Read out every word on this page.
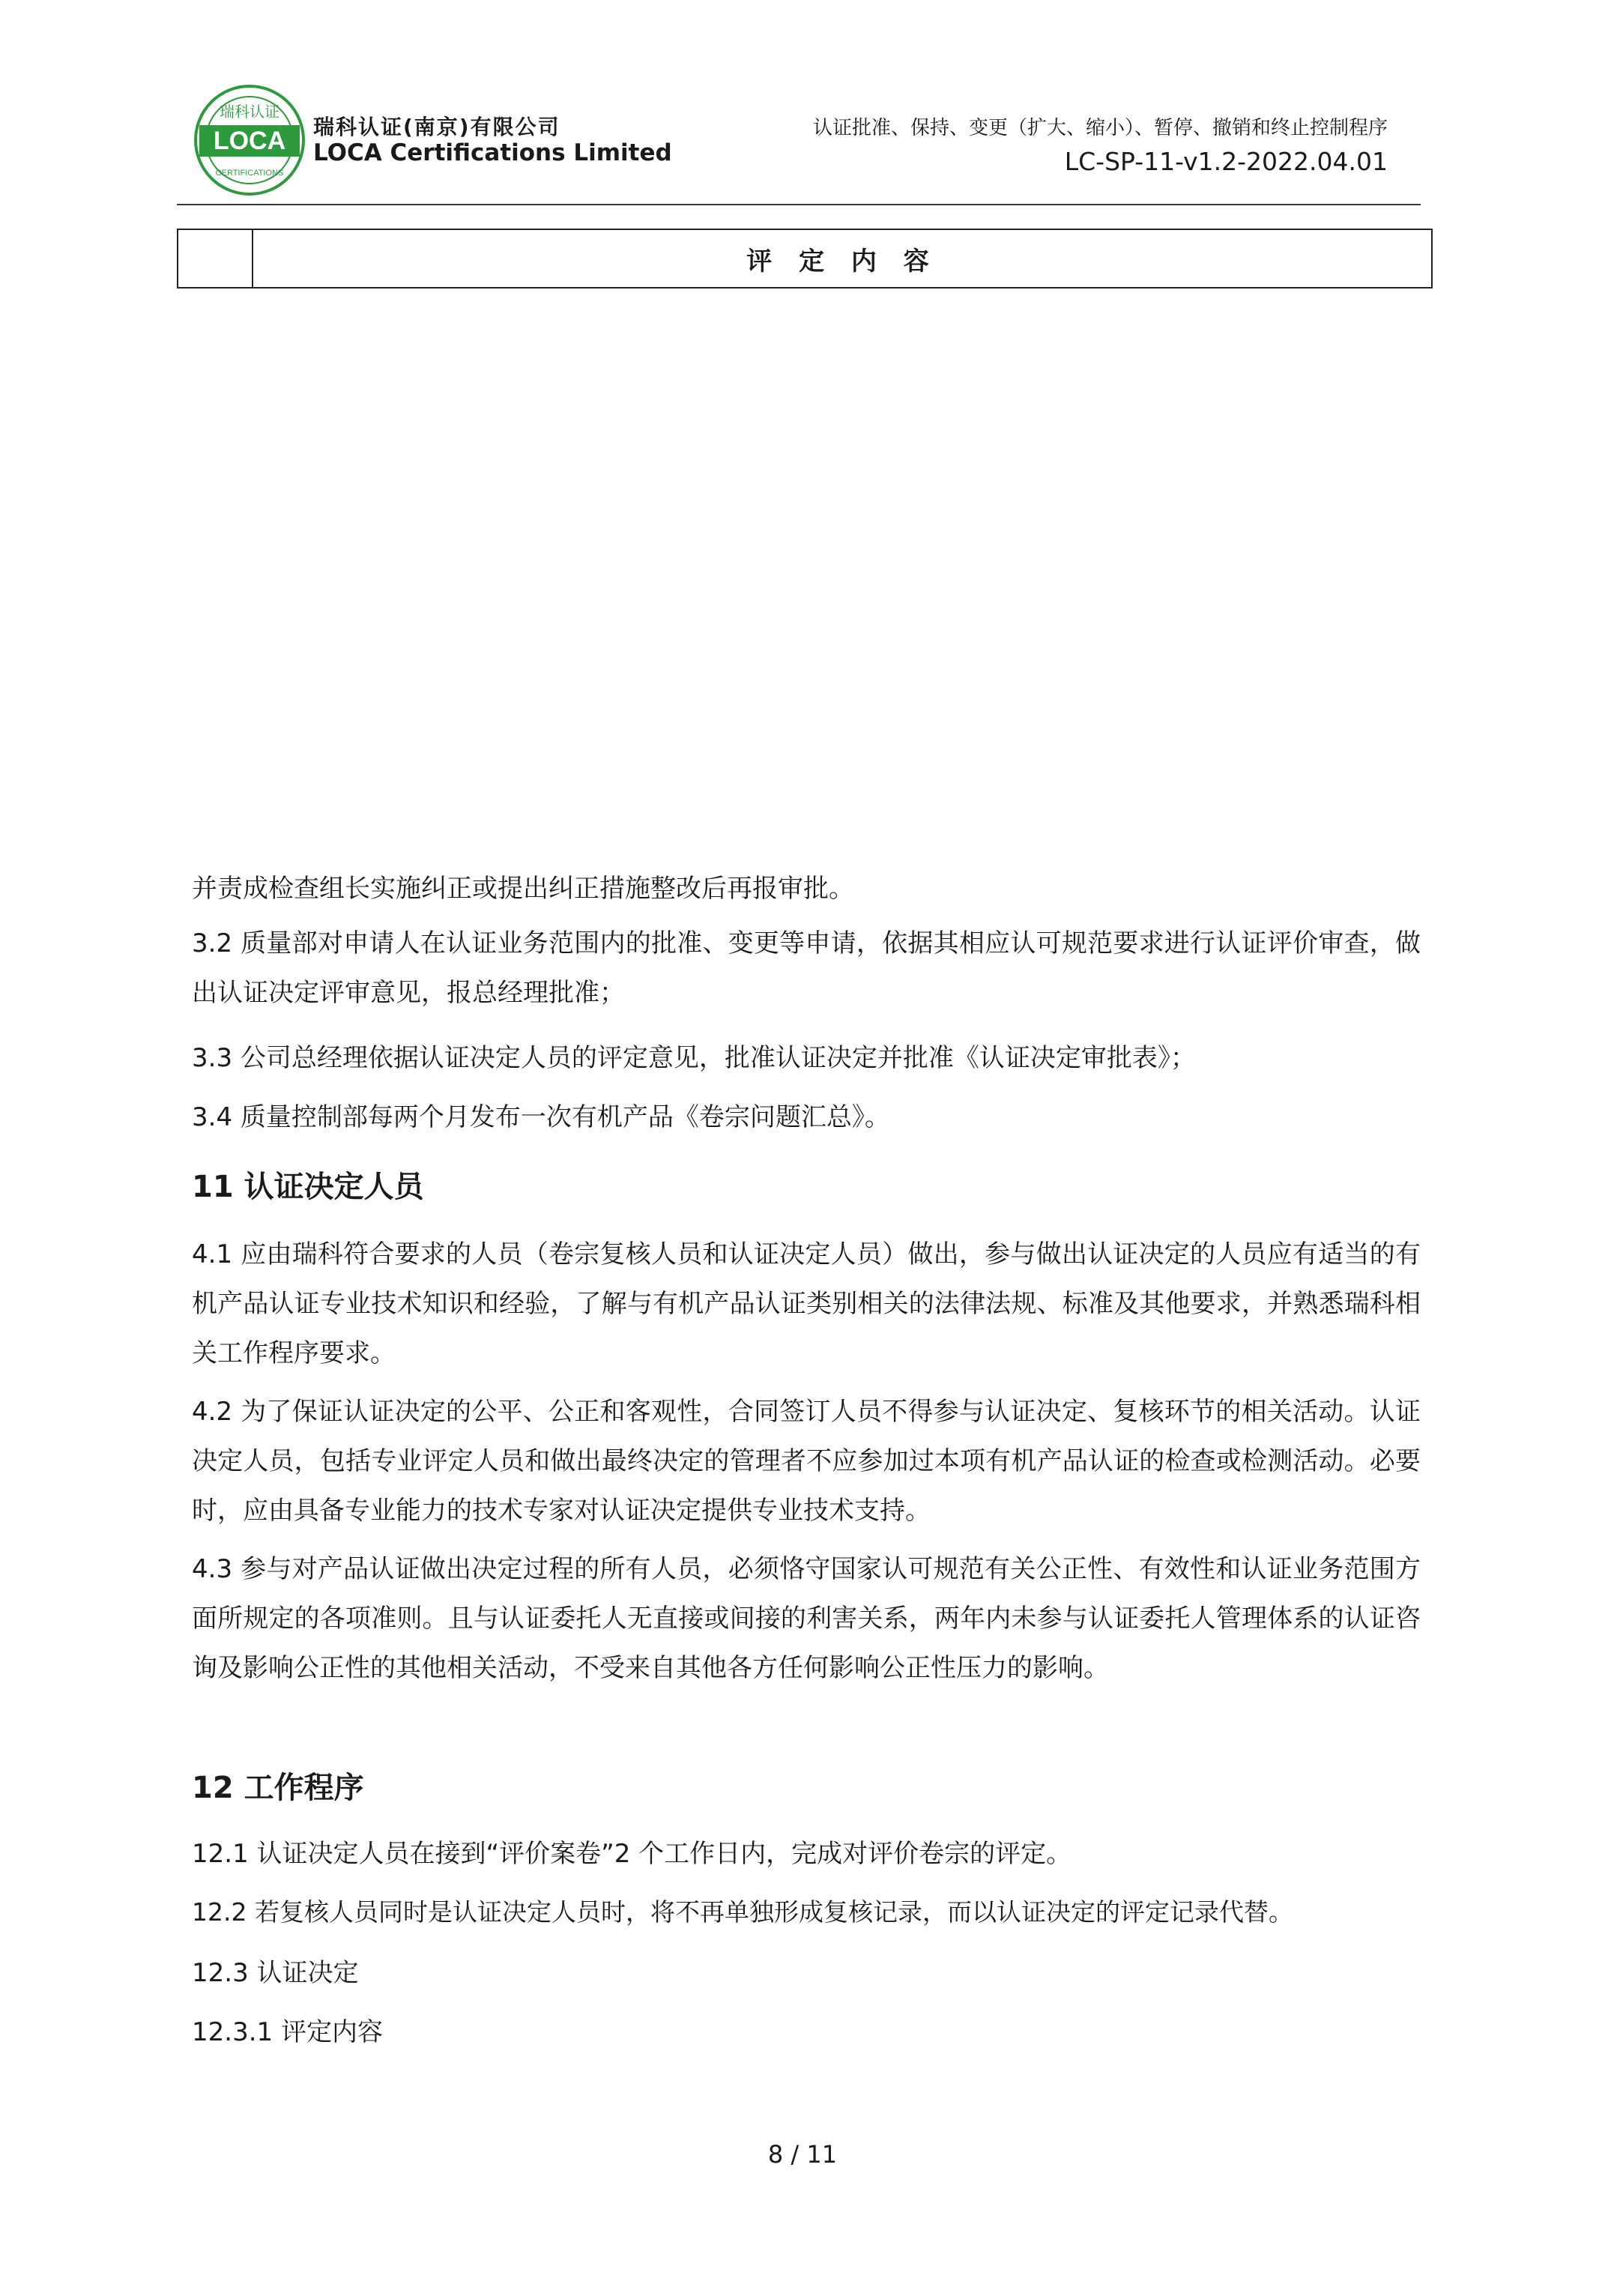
LOCA
瑞科认证
CERTIFICATIONS
瑞科认证(南京)有限公司
LOCA Certifications Limited
认证批准、保持、变更（扩大、缩小）、暂停、撤销和终止控制程序
LC-SP-11-v1.2-2022.04.01
评 定 内 容
并责成检查组长实施纠正或提出纠正措施整改后再报审批。
3.2 质量部对申请人在认证业务范围内的批准、变更等申请，依据其相应认可规范要求进行认证评价审查，做出认证决定评审意见，报总经理批准；
3.3 公司总经理依据认证决定人员的评定意见，批准认证决定并批准《认证决定审批表》；
3.4 质量控制部每两个月发布一次有机产品《卷宗问题汇总》。
11 认证决定人员
4.1 应由瑞科符合要求的人员（卷宗复核人员和认证决定人员）做出，参与做出认证决定的人员应有适当的有机产品认证专业技术知识和经验，了解与有机产品认证类别相关的法律法规、标准及其他要求，并熟悉瑞科相关工作程序要求。
4.2 为了保证认证决定的公平、公正和客观性，合同签订人员不得参与认证决定、复核环节的相关活动。认证决定人员，包括专业评定人员和做出最终决定的管理者不应参加过本项有机产品认证的检查或检测活动。必要时，应由具备专业能力的技术专家对认证决定提供专业技术支持。
4.3 参与对产品认证做出决定过程的所有人员，必须恪守国家认可规范有关公正性、有效性和认证业务范围方面所规定的各项准则。且与认证委托人无直接或间接的利害关系，两年内未参与认证委托人管理体系的认证咨询及影响公正性的其他相关活动，不受来自其他各方任何影响公正性压力的影响。
12 工作程序
12.1 认证决定人员在接到“评价案卷”2 个工作日内，完成对评价卷宗的评定。
12.2 若复核人员同时是认证决定人员时，将不再单独形成复核记录，而以认证决定的评定记录代替。
12.3 认证决定
12.3.1 评定内容
8 / 11
